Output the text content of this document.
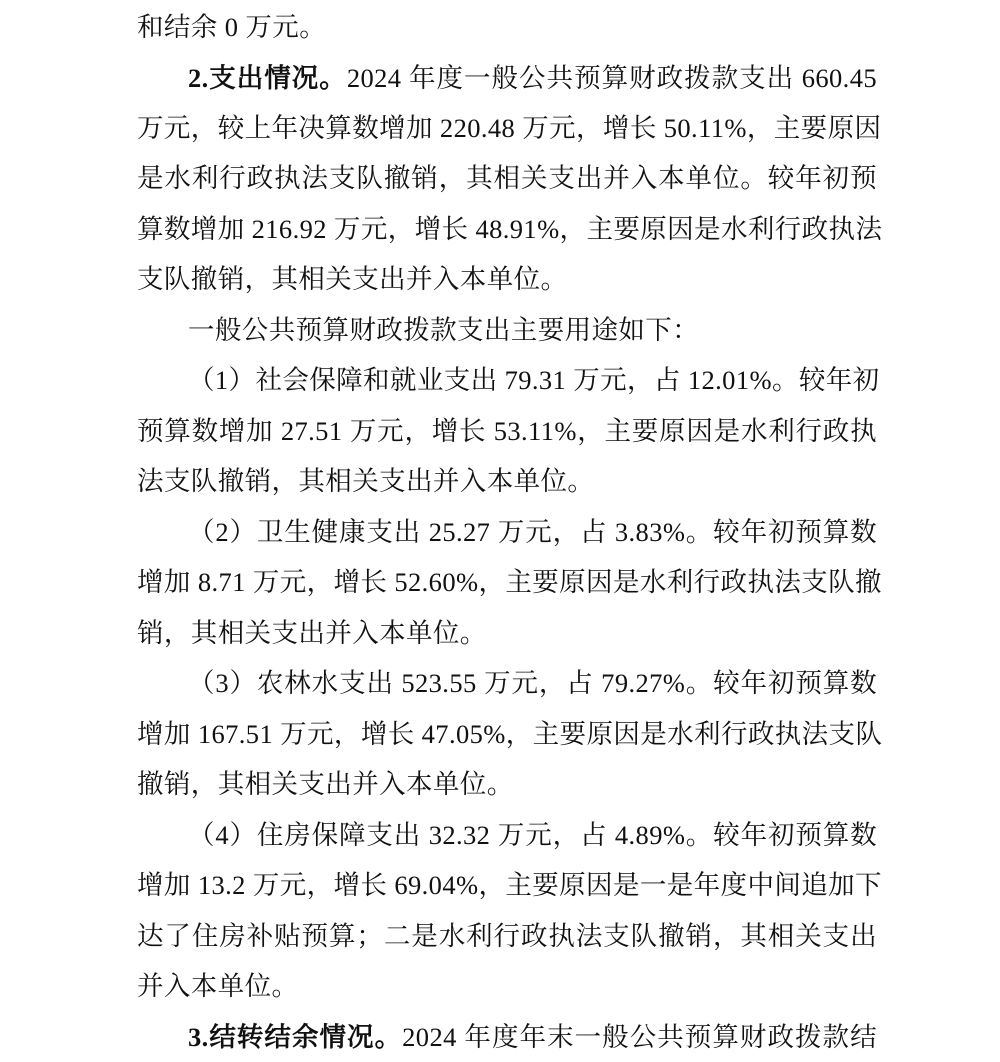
和结余 0 万元。
2.支出情况。2024 年度一般公共预算财政拨款支出 660.45
万元，较上年决算数增加 220.48 万元，增长 50.11%，主要原因
是水利行政执法支队撤销，其相关支出并入本单位。较年初预
算数增加 216.92 万元，增长 48.91%，主要原因是水利行政执法
支队撤销，其相关支出并入本单位。
一般公共预算财政拨款支出主要用途如下：
（1）社会保障和就业支出 79.31 万元，占 12.01%。较年初
预算数增加 27.51 万元，增长 53.11%，主要原因是水利行政执
法支队撤销，其相关支出并入本单位。
（2）卫生健康支出 25.27 万元，占 3.83%。较年初预算数
增加 8.71 万元，增长 52.60%，主要原因是水利行政执法支队撤
销，其相关支出并入本单位。
（3）农林水支出 523.55 万元，占 79.27%。较年初预算数
增加 167.51 万元，增长 47.05%，主要原因是水利行政执法支队
撤销，其相关支出并入本单位。
（4）住房保障支出 32.32 万元，占 4.89%。较年初预算数
增加 13.2 万元，增长 69.04%，主要原因是一是年度中间追加下
达了住房补贴预算；二是水利行政执法支队撤销，其相关支出
并入本单位。
3.结转结余情况。2024 年度年末一般公共预算财政拨款结
